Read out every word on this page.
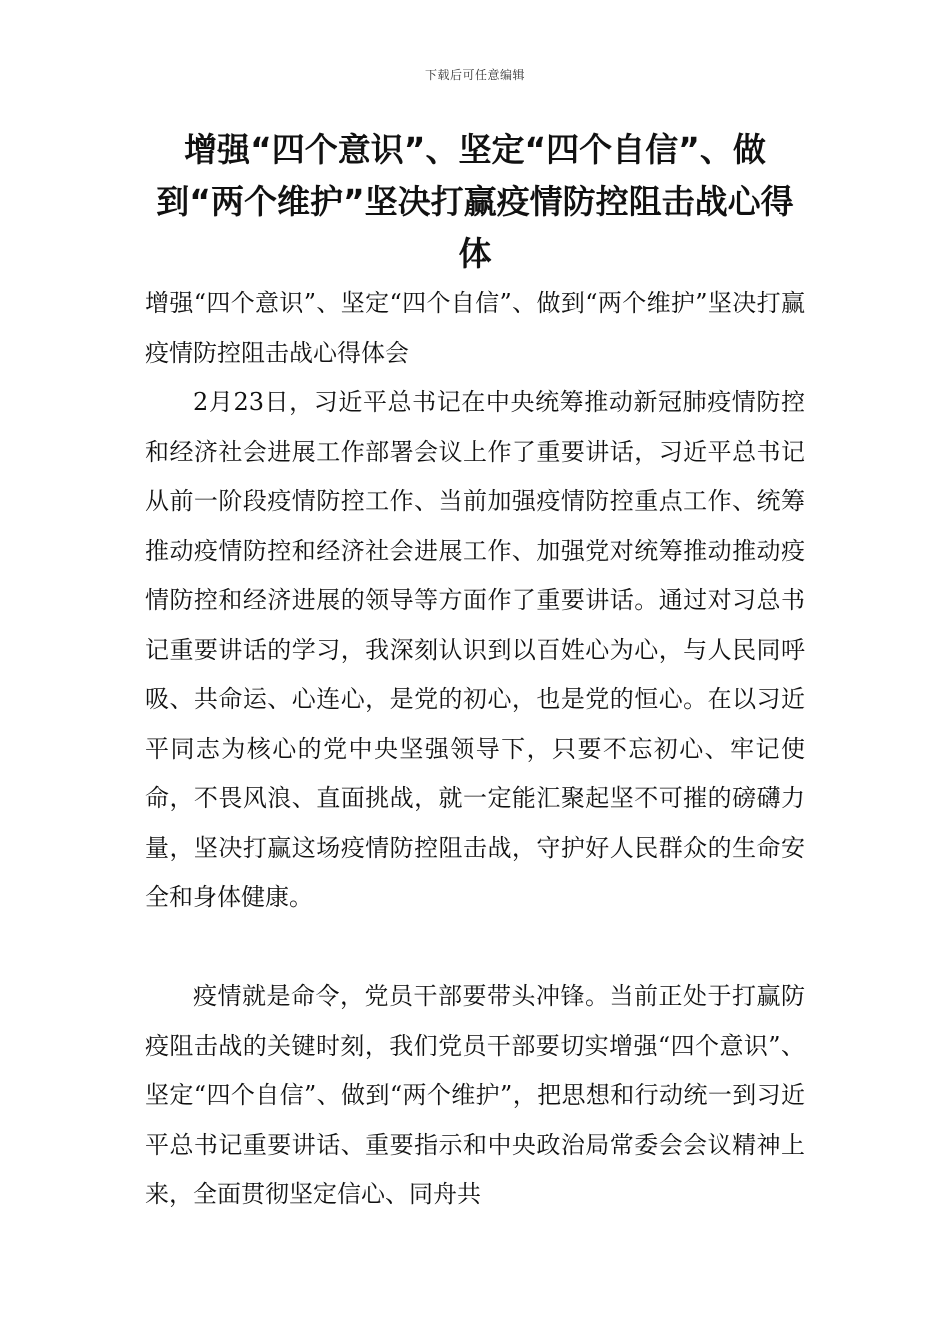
下载后可任意编辑
增强“四个意识”、坚定“四个自信”、做到“两个维护”坚决打赢疫情防控阻击战心得体

增强“四个意识”、坚定“四个自信”、做到“两个维护”坚决打赢疫情防控阻击战心得体会

2月23日，习近平总书记在中央统筹推动新冠肺疫情防控和经济社会进展工作部署会议上作了重要讲话，习近平总书记从前一阶段疫情防控工作、当前加强疫情防控重点工作、统筹推动疫情防控和经济社会进展工作、加强党对统筹推动推动疫情防控和经济进展的领导等方面作了重要讲话。通过对习总书记重要讲话的学习，我深刻认识到以百姓心为心，与人民同呼吸、共命运、心连心，是党的初心，也是党的恒心。在以习近平同志为核心的党中央坚强领导下，只要不忘初心、牢记使命，不畏风浪、直面挑战，就一定能汇聚起坚不可摧的磅礴力量，坚决打赢这场疫情防控阻击战，守护好人民群众的生命安全和身体健康。

疫情就是命令，党员干部要带头冲锋。当前正处于打赢防疫阻击战的关键时刻，我们党员干部要切实增强“四个意识”、坚定“四个自信”、做到“两个维护”，把思想和行动统一到习近平总书记重要讲话、重要指示和中央政治局常委会会议精神上来，全面贯彻坚定信心、同舟共
